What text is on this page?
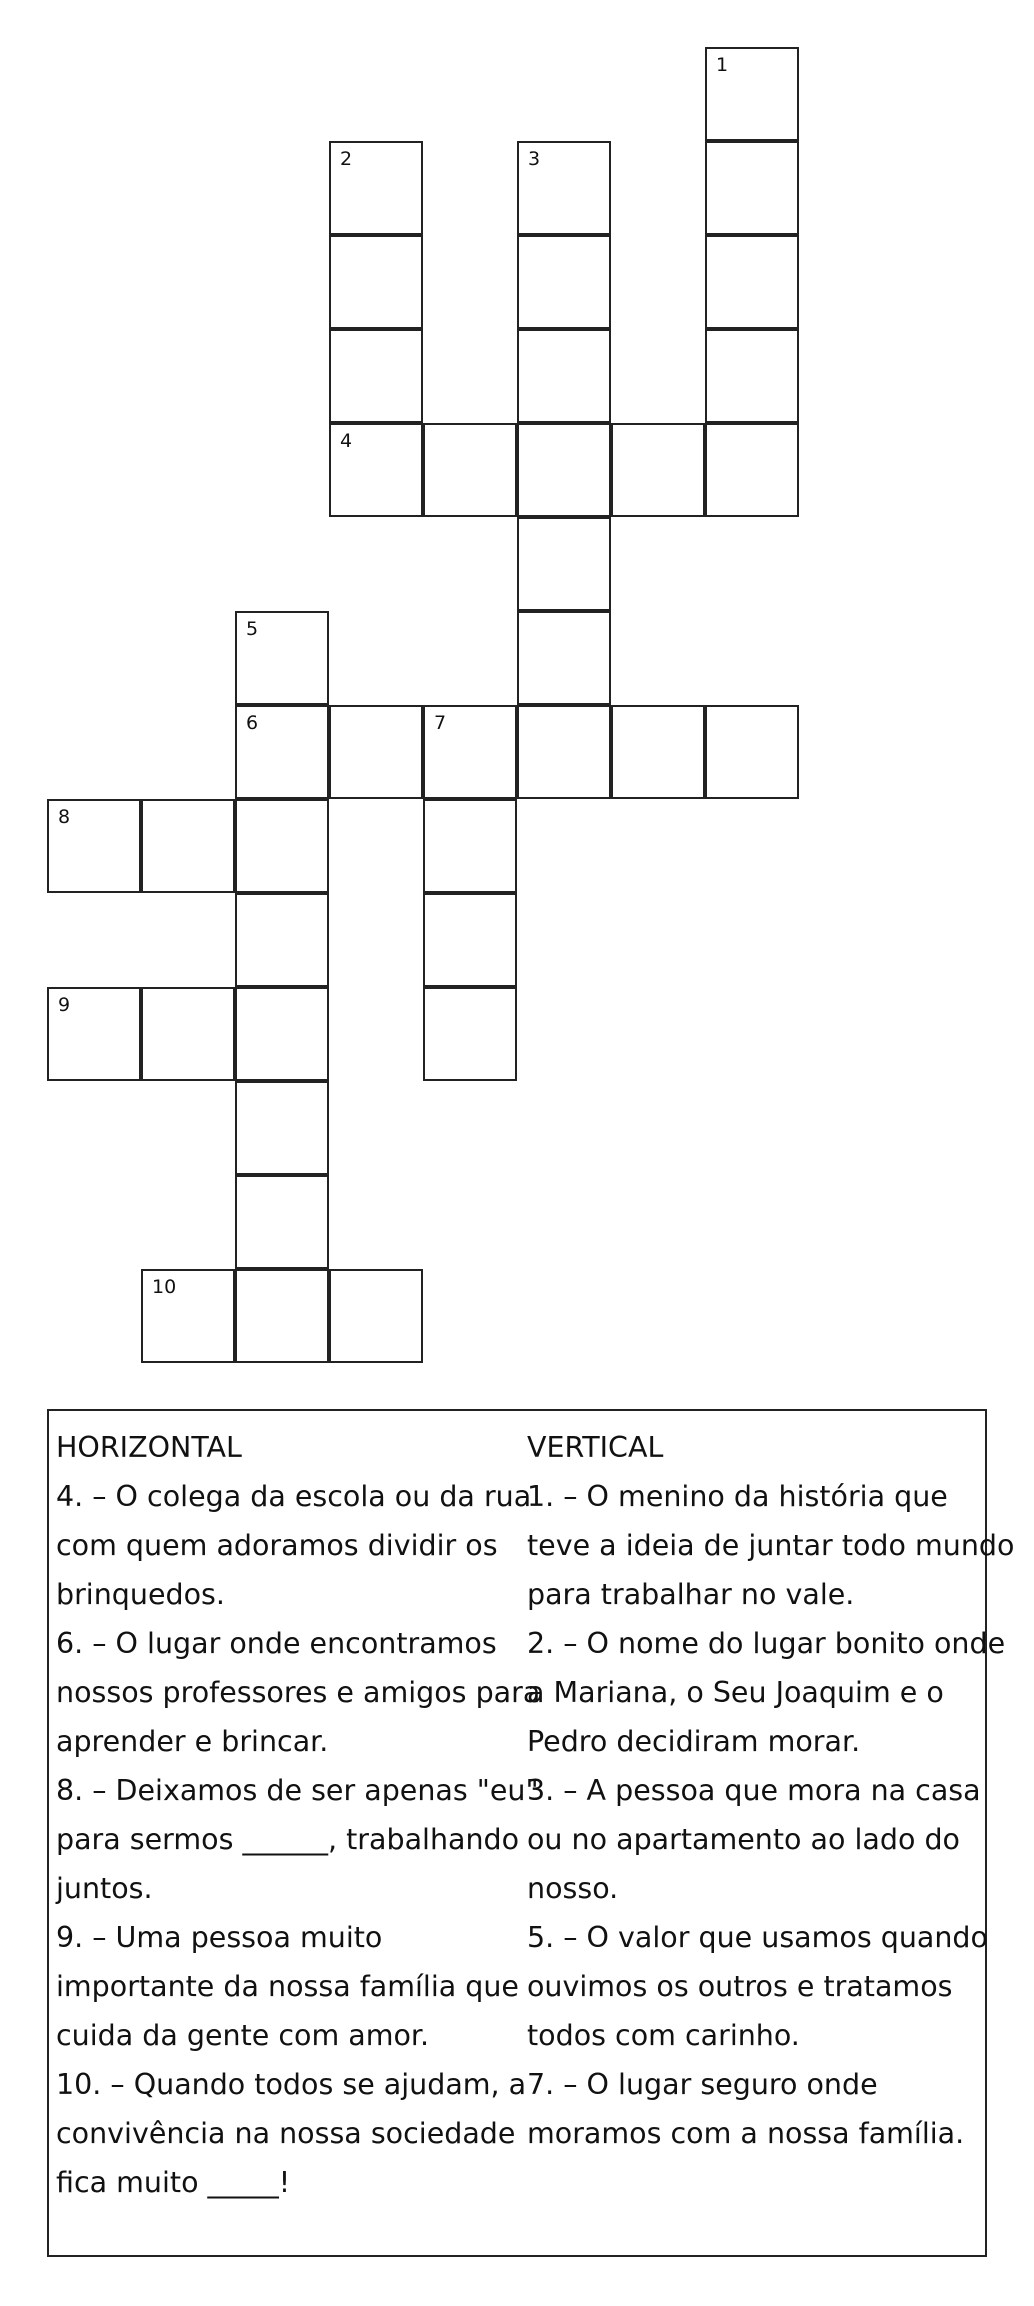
1
2
4
3
5
6	7
8
9
10
HORIZONTAL
4. – O colega da escola ou da rua
com quem adoramos dividir os
brinquedos.
6. – O lugar onde encontramos
nossos professores e amigos para
aprender e brincar.
8. – Deixamos de ser apenas "eu"
para sermos ______, trabalhando
juntos.
9. – Uma pessoa muito
importante da nossa família que
cuida da gente com amor.
10. – Quando todos se ajudam, a
convivência na nossa sociedade
fica muito _____!
VERTICAL
1. – O menino da história que
teve a ideia de juntar todo mundo
para trabalhar no vale.
2. – O nome do lugar bonito onde
a Mariana, o Seu Joaquim e o
Pedro decidiram morar.
3. – A pessoa que mora na casa
ou no apartamento ao lado do
nosso.
5. – O valor que usamos quando
ouvimos os outros e tratamos
todos com carinho.
7. – O lugar seguro onde
moramos com a nossa família.
